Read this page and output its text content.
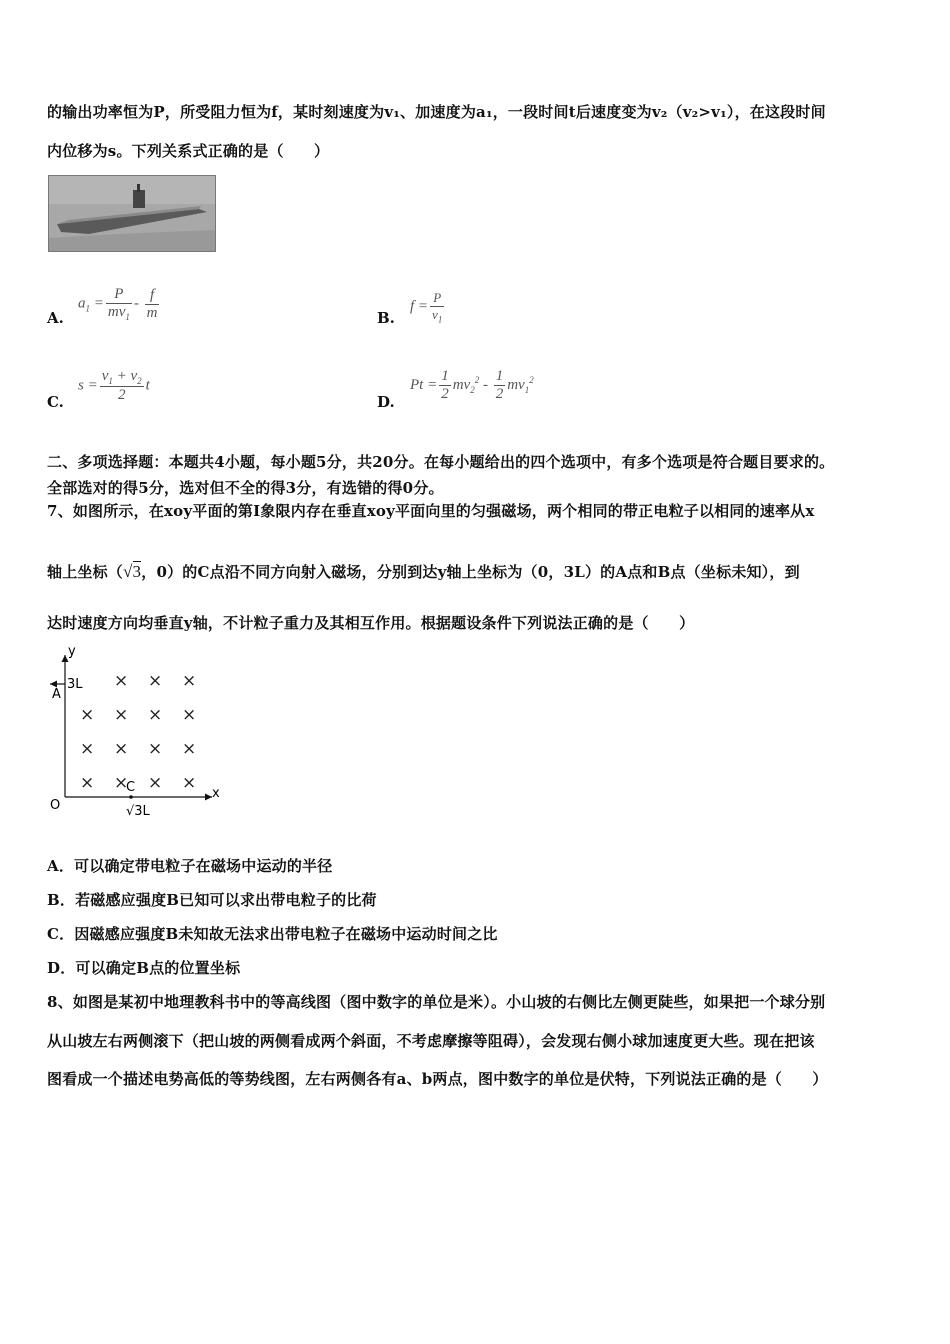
的输出功率恒为P，所受阻力恒为f，某时刻速度为v₁、加速度为a₁，一段时间t后速度变为v₂（v₂>v₁），在这段时间
内位移为s。下列关系式正确的是（　　）
A.
$a_1 = \frac{P}{mv_1} - \frac{f}{m}$	B.
$f = \frac{P}{v_1}$
C.
$s = \frac{v_1 + v_2}{2}$ t
D.
$Pt = \frac{1}{2} mv_2^2 - \frac{1}{2} mv_1^2$
二、多项选择题：本题共4小题，每小题5分，共20分。在每小题给出的四个选项中，有多个选项是符合题目要求的。
全部选对的得5分，选对但不全的得3分，有选错的得0分。
7、如图所示，在xoy平面的第Ⅰ象限内存在垂直xoy平面向里的匀强磁场，两个相同的带正电粒子以相同的速率从x
轴上坐标（√3，0）的C点沿不同方向射入磁场，分别到达y轴上坐标为（0，3L）的A点和B点（坐标未知），到
达时速度方向均垂直y轴，不计粒子重力及其相互作用。根据题设条件下列说法正确的是（　　）
y
x
O
A
3L
C
√3L
× × ×
× × × ×
× × × ×
× × × ×
A．可以确定带电粒子在磁场中运动的半径
B．若磁感应强度B已知可以求出带电粒子的比荷
C．因磁感应强度B未知故无法求出带电粒子在磁场中运动时间之比
D．可以确定B点的位置坐标
8、如图是某初中地理教科书中的等高线图（图中数字的单位是米）。小山坡的右侧比左侧更陡些，如果把一个球分别
从山坡左右两侧滚下（把山坡的两侧看成两个斜面，不考虑摩擦等阻碍），会发现右侧小球加速度更大些。现在把该
图看成一个描述电势高低的等势线图，左右两侧各有a、b两点，图中数字的单位是伏特，下列说法正确的是（　　）
